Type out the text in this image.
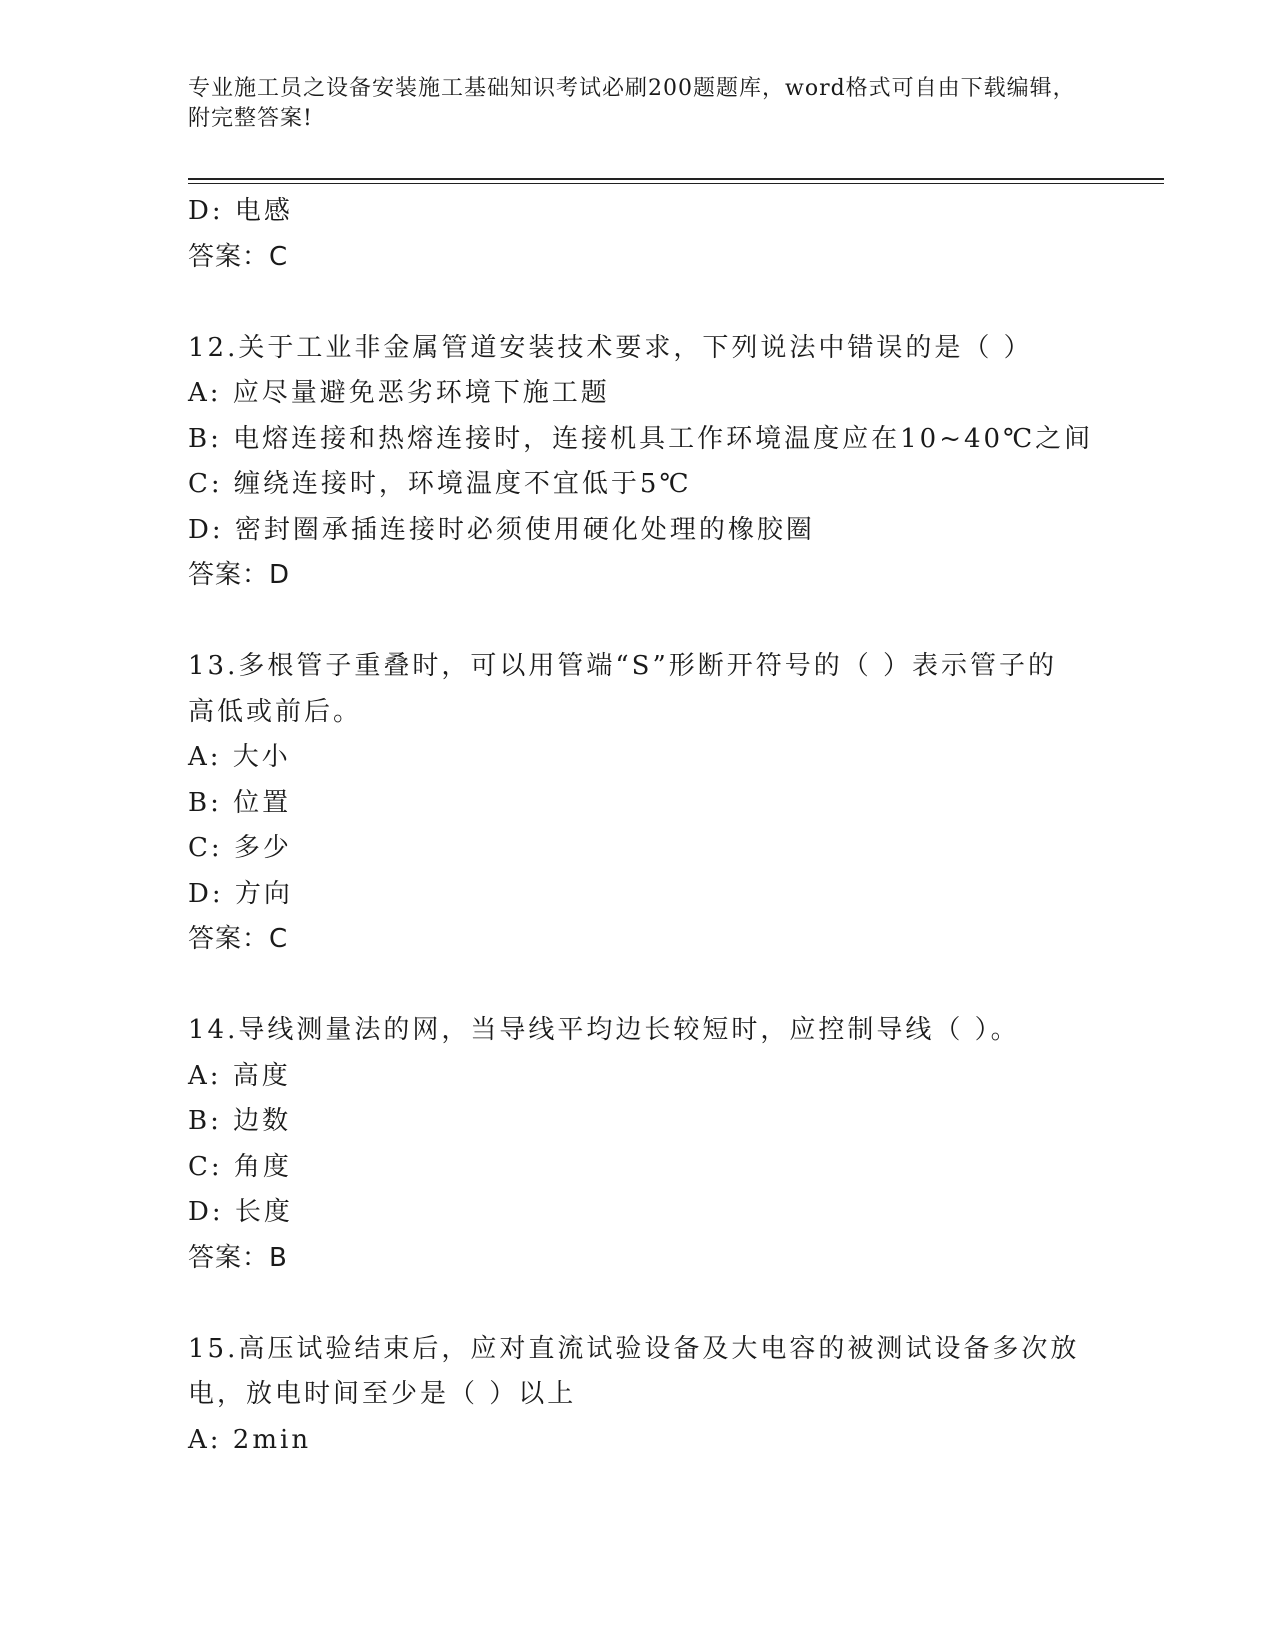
专业施工员之设备安装施工基础知识考试必刷200题题库，word格式可自由下载编辑，附完整答案!
D: 电感
答案：C
12.关于工业非金属管道安装技术要求，下列说法中错误的是（ ）
A: 应尽量避免恶劣环境下施工题
B: 电熔连接和热熔连接时，连接机具工作环境温度应在10~40℃之间
C: 缠绕连接时，环境温度不宜低于5℃
D: 密封圈承插连接时必须使用硬化处理的橡胶圈
答案：D
13.多根管子重叠时，可以用管端“S”形断开符号的（ ）表示管子的
高低或前后。
A: 大小
B: 位置
C: 多少
D: 方向
答案：C
14.导线测量法的网，当导线平均边长较短时，应控制导线（ ）。
A: 高度
B: 边数
C: 角度
D: 长度
答案：B
15.高压试验结束后，应对直流试验设备及大电容的被测试设备多次放
电，放电时间至少是（ ）以上
A: 2min
